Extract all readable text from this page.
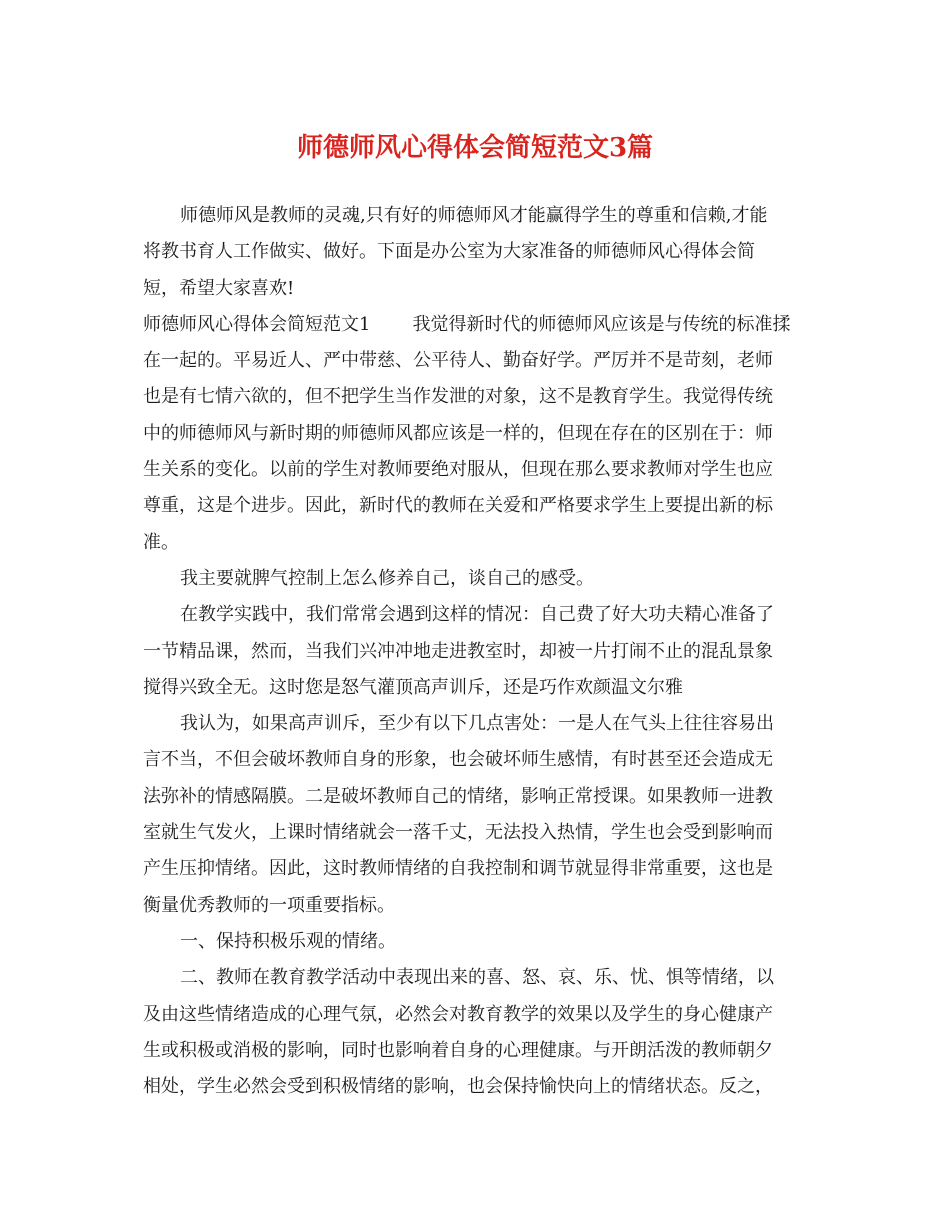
师德师风心得体会简短范文3篇
师德师风是教师的灵魂,只有好的师德师风才能赢得学生的尊重和信赖,才能
将教书育人工作做实、做好。下面是办公室为大家准备的师德师风心得体会简
短，希望大家喜欢!
师德师风心得体会简短范文1 我觉得新时代的师德师风应该是与传统的标准揉
在一起的。平易近人、严中带慈、公平待人、勤奋好学。严厉并不是苛刻，老师
也是有七情六欲的，但不把学生当作发泄的对象，这不是教育学生。我觉得传统
中的师德师风与新时期的师德师风都应该是一样的，但现在存在的区别在于：师
生关系的变化。以前的学生对教师要绝对服从，但现在那么要求教师对学生也应
尊重，这是个进步。因此，新时代的教师在关爱和严格要求学生上要提出新的标
准。
我主要就脾气控制上怎么修养自己，谈自己的感受。
在教学实践中，我们常常会遇到这样的情况：自己费了好大功夫精心准备了
一节精品课，然而，当我们兴冲冲地走进教室时，却被一片打闹不止的混乱景象
搅得兴致全无。这时您是怒气灌顶高声训斥，还是巧作欢颜温文尔雅
我认为，如果高声训斥，至少有以下几点害处：一是人在气头上往往容易出
言不当，不但会破坏教师自身的形象，也会破坏师生感情，有时甚至还会造成无
法弥补的情感隔膜。二是破坏教师自己的情绪，影响正常授课。如果教师一进教
室就生气发火，上课时情绪就会一落千丈，无法投入热情，学生也会受到影响而
产生压抑情绪。因此，这时教师情绪的自我控制和调节就显得非常重要，这也是
衡量优秀教师的一项重要指标。
一、保持积极乐观的情绪。
二、教师在教育教学活动中表现出来的喜、怒、哀、乐、忧、惧等情绪，以
及由这些情绪造成的心理气氛，必然会对教育教学的效果以及学生的身心健康产
生或积极或消极的影响，同时也影响着自身的心理健康。与开朗活泼的教师朝夕
相处，学生必然会受到积极情绪的影响，也会保持愉快向上的情绪状态。反之，
